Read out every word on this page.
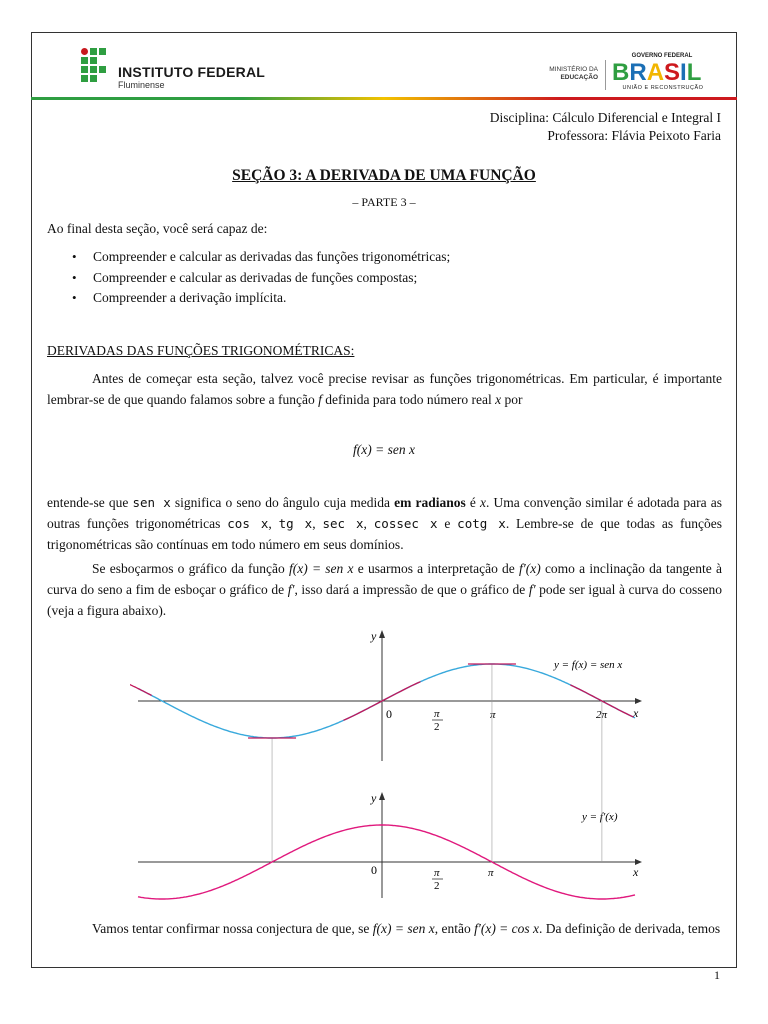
INSTITUTO FEDERAL
Fluminense
MINISTÉRIO DA
EDUCAÇÃO
GOVERNO FEDERAL
BRASIL
UNIÃO E RECONSTRUÇÃO
Disciplina: Cálculo Diferencial e Integral I
Professora: Flávia Peixoto Faria
SEÇÃO 3: A DERIVADA DE UMA FUNÇÃO
– PARTE 3 –
Ao final desta seção, você será capaz de:
• Compreender e calcular as derivadas das funções trigonométricas;
• Compreender e calcular as derivadas de funções compostas;
• Compreender a derivação implícita.
DERIVADAS DAS FUNÇÕES TRIGONOMÉTRICAS:

Antes de começar esta seção, talvez você precise revisar as funções trigonométricas. Em particular, é importante lembrar-se de que quando falamos sobre a função f definida para todo número real x por

f(x) = sen x

entende-se que sen x significa o seno do ângulo cuja medida em radianos é x. Uma convenção similar é adotada para as outras funções trigonométricas cos x, tg x, sec x, cossec x e cotg x. Lembre-se de que todas as funções trigonométricas são contínuas em todo número em seus domínios.

Se esboçarmos o gráfico da função f(x) = sen x e usarmos a interpretação de f′(x) como a inclinação da tangente à curva do seno a fim de esboçar o gráfico de f′, isso dará a impressão de que o gráfico de f′ pode ser igual à curva do cosseno (veja a figura abaixo).

y
x
0	π
2
π	2π
y = f(x) = sen x
y
x
0	π
2
π
y = f′(x)

Vamos tentar confirmar nossa conjectura de que, se f(x) = sen x, então f′(x) = cos x. Da definição de derivada, temos

1
